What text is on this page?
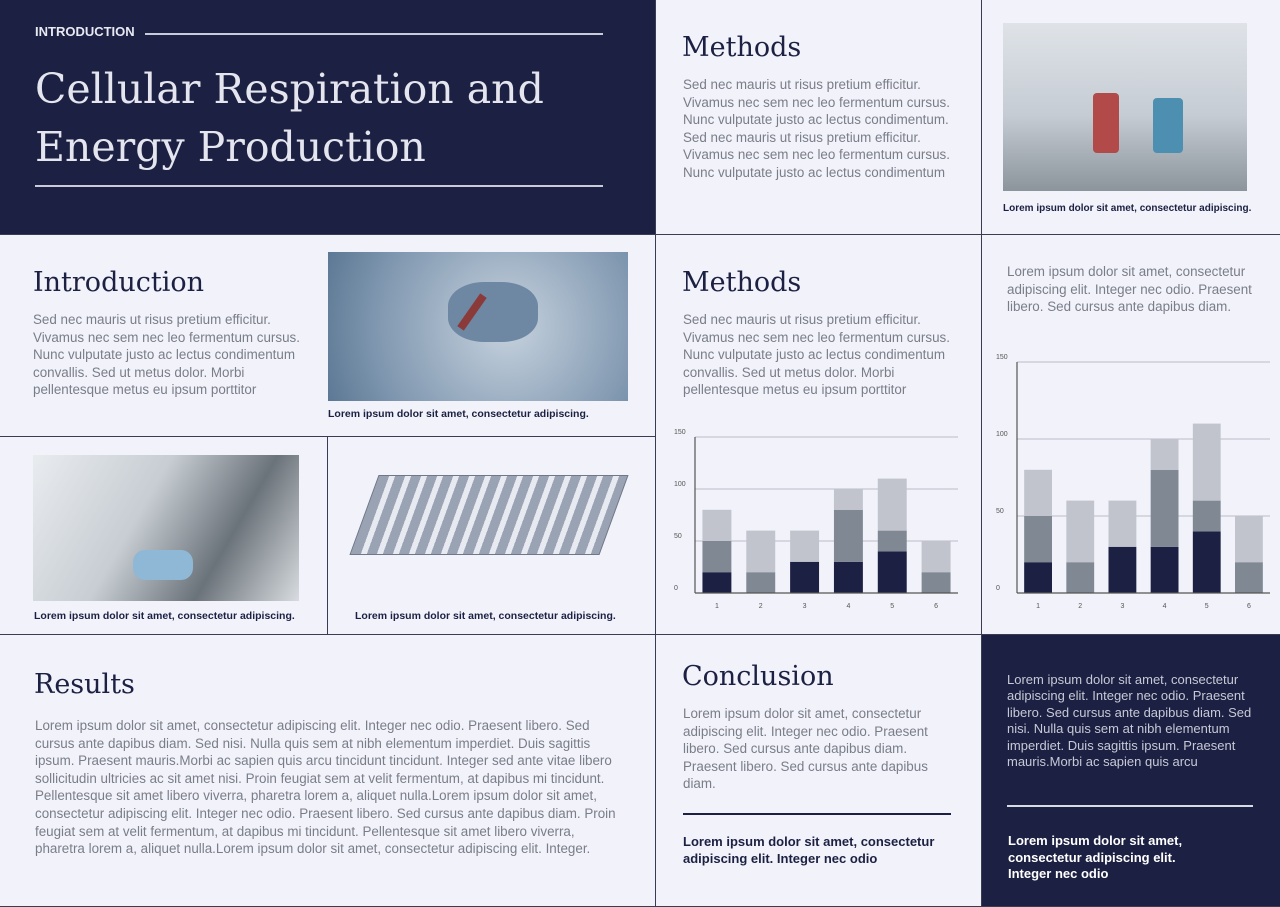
INTRODUCTION
Cellular Respiration and
Energy Production
Methods
Sed nec mauris ut risus pretium efficitur. Vivamus nec sem nec leo fermentum cursus. Nunc vulputate justo ac lectus condimentum. Sed nec mauris ut risus pretium efficitur. Vivamus nec sem nec leo fermentum cursus. Nunc vulputate justo ac lectus condimentum
Lorem ipsum dolor sit amet, consectetur adipiscing.
Introduction
Sed nec mauris ut risus pretium efficitur. Vivamus nec sem nec leo fermentum cursus. Nunc vulputate justo ac lectus condimentum convallis. Sed ut metus dolor. Morbi pellentesque metus eu ipsum porttitor
Lorem ipsum dolor sit amet, consectetur adipiscing.
Lorem ipsum dolor sit amet, consectetur adipiscing.	Lorem ipsum dolor sit amet, consectetur adipiscing.
Methods
Sed nec mauris ut risus pretium efficitur. Vivamus nec sem nec leo fermentum cursus. Nunc vulputate justo ac lectus condimentum convallis. Sed ut metus dolor. Morbi pellentesque metus eu ipsum porttitor
0
50
100
150
1	2	3	4	5	6
Lorem ipsum dolor sit amet, consectetur adipiscing elit. Integer nec odio. Praesent libero. Sed cursus ante dapibus diam.
0
50
100
150
1	2	3	4	5	6
Results
Lorem ipsum dolor sit amet, consectetur adipiscing elit. Integer nec odio. Praesent libero. Sed cursus ante dapibus diam. Sed nisi. Nulla quis sem at nibh elementum imperdiet. Duis sagittis ipsum. Praesent mauris.Morbi ac sapien quis arcu tincidunt tincidunt. Integer sed ante vitae libero sollicitudin ultricies ac sit amet nisi. Proin feugiat sem at velit fermentum, at dapibus mi tincidunt. Pellentesque sit amet libero viverra, pharetra lorem a, aliquet nulla.Lorem ipsum dolor sit amet, consectetur adipiscing elit. Integer nec odio. Praesent libero. Sed cursus ante dapibus diam. Proin feugiat sem at velit fermentum, at dapibus mi tincidunt. Pellentesque sit amet libero viverra, pharetra lorem a, aliquet nulla.Lorem ipsum dolor sit amet, consectetur adipiscing elit. Integer.
Conclusion
Lorem ipsum dolor sit amet, consectetur adipiscing elit. Integer nec odio. Praesent libero. Sed cursus ante dapibus diam. Praesent libero. Sed cursus ante dapibus diam.
Lorem ipsum dolor sit amet, consectetur adipiscing elit. Integer nec odio
Lorem ipsum dolor sit amet, consectetur adipiscing elit. Integer nec odio. Praesent libero. Sed cursus ante dapibus diam. Sed nisi. Nulla quis sem at nibh elementum imperdiet. Duis sagittis ipsum. Praesent mauris.Morbi ac sapien quis arcu
Lorem ipsum dolor sit amet, consectetur adipiscing elit. Integer nec odio
